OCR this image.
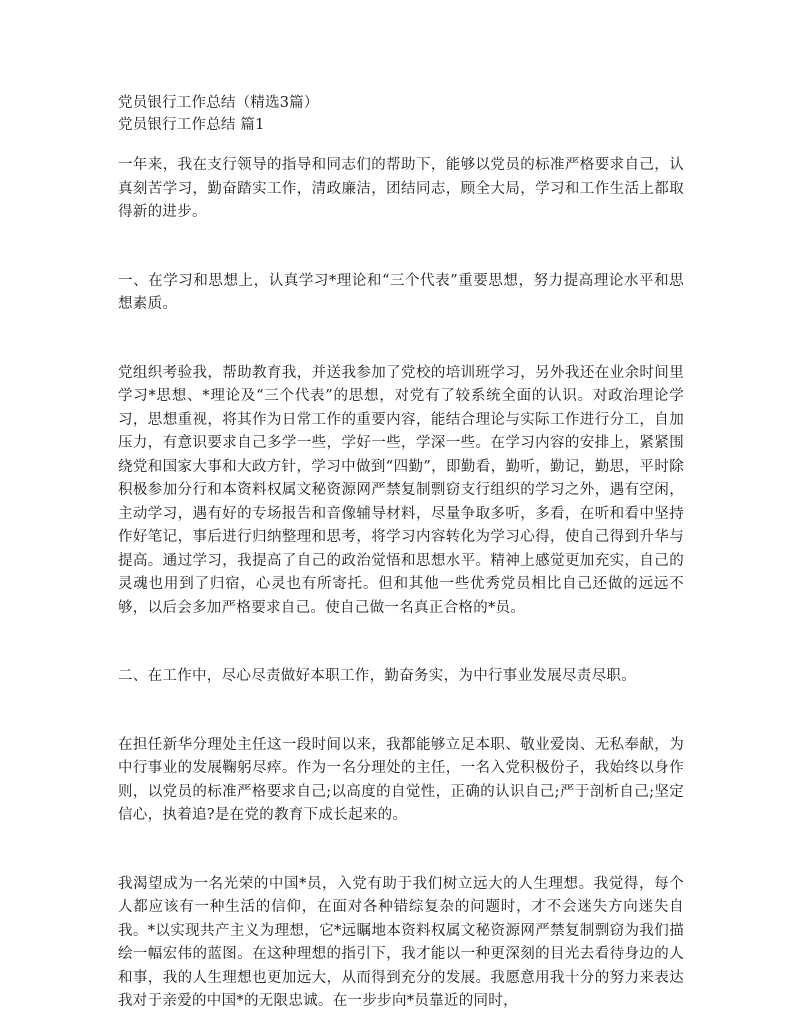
党员银行工作总结（精选3篇）

党员银行工作总结 篇1

一年来，我在支行领导的指导和同志们的帮助下，能够以党员的标准严格要求自己，认真刻苦学习，勤奋踏实工作，清政廉洁，团结同志，顾全大局，学习和工作生活上都取得新的进步。

一、在学习和思想上，认真学习*理论和“三个代表”重要思想，努力提高理论水平和思想素质。

党组织考验我，帮助教育我，并送我参加了党校的培训班学习，另外我还在业余时间里学习*思想、*理论及“三个代表”的思想，对党有了较系统全面的认识。对政治理论学习，思想重视，将其作为日常工作的重要内容，能结合理论与实际工作进行分工，自加压力，有意识要求自己多学一些，学好一些，学深一些。在学习内容的安排上，紧紧围绕党和国家大事和大政方针，学习中做到“四勤”，即勤看，勤听，勤记，勤思，平时除积极参加分行和本资料权属文秘资源网严禁复制剽窃支行组织的学习之外，遇有空闲，主动学习，遇有好的专场报告和音像辅导材料，尽量争取多听，多看，在听和看中坚持作好笔记，事后进行归纳整理和思考，将学习内容转化为学习心得，使自己得到升华与提高。通过学习，我提高了自己的政治觉悟和思想水平。精神上感觉更加充实，自己的灵魂也用到了归宿，心灵也有所寄托。但和其他一些优秀党员相比自己还做的远远不够，以后会多加严格要求自己。使自己做一名真正合格的*员。

二、在工作中，尽心尽责做好本职工作，勤奋务实，为中行事业发展尽责尽职。

在担任新华分理处主任这一段时间以来，我都能够立足本职、敬业爱岗、无私奉献，为中行事业的发展鞠躬尽瘁。作为一名分理处的主任，一名入党积极份子，我始终以身作则，以党员的标准严格要求自己;以高度的自觉性，正确的认识自己;严于剖析自己;坚定信心，执着追?是在党的教育下成长起来的。

我渴望成为一名光荣的中国*员，入党有助于我们树立远大的人生理想。我觉得，每个人都应该有一种生活的信仰，在面对各种错综复杂的问题时，才不会迷失方向迷失自我。*以实现共产主义为理想，它*远瞩地本资料权属文秘资源网严禁复制剽窃为我们描绘一幅宏伟的蓝图。在这种理想的指引下，我才能以一种更深刻的目光去看待身边的人和事，我的人生理想也更加远大，从而得到充分的发展。我愿意用我十分的努力来表达我对于亲爱的中国*的无限忠诚。在一步步向*员靠近的同时，
